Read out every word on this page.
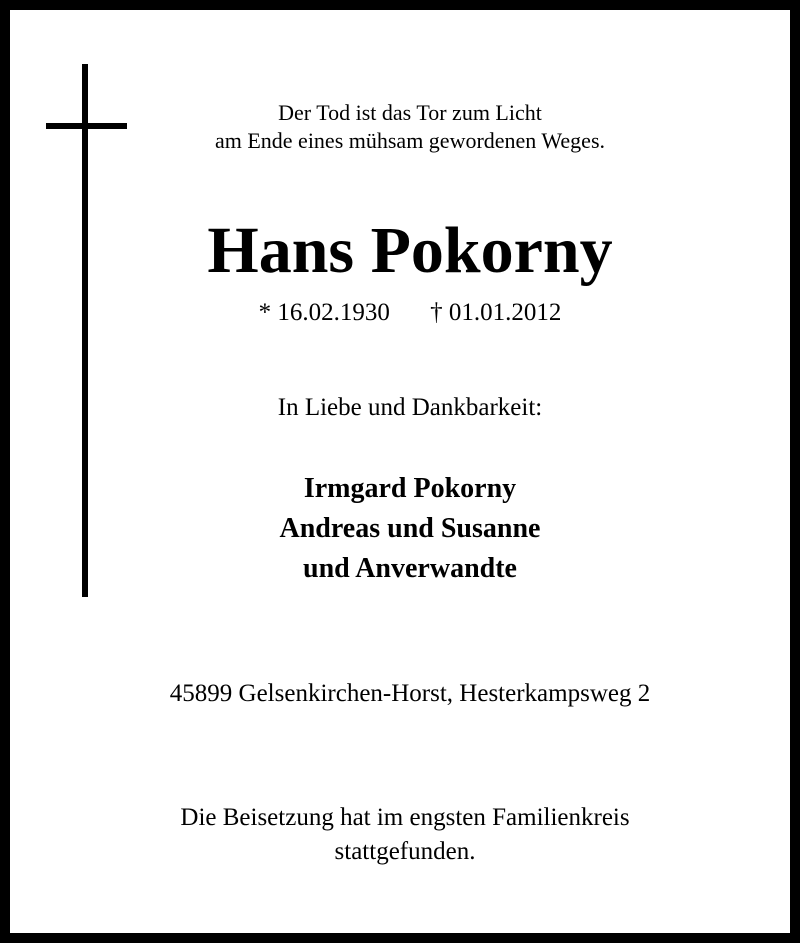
Der Tod ist das Tor zum Licht
am Ende eines mühsam gewordenen Weges.
Hans Pokorny
* 16.02.1930 † 01.01.2012
In Liebe und Dankbarkeit:
Irmgard Pokorny
Andreas und Susanne
und Anverwandte
45899 Gelsenkirchen-Horst, Hesterkampsweg 2
Die Beisetzung hat im engsten Familienkreis
stattgefunden.
